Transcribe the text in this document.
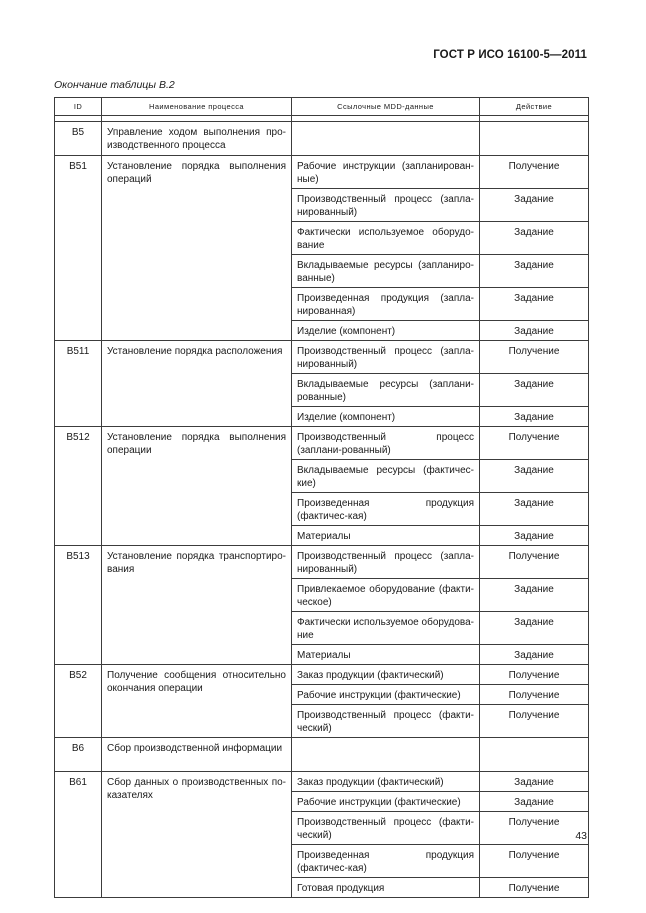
ГОСТ Р ИСО 16100-5—2011
Окончание таблицы В.2
ID	Наименование процесса	Ссылочные MDD-данные	Действие

B5	Управление ходом выполнения про-изводственного процесса		
B51	Установление порядка выполнения операций	Рабочие инструкции (запланирован-ные)	Получение
		Производственный процесс (запла-нированный)	Задание
		Фактически используемое оборудо-вание	Задание
		Вкладываемые ресурсы (запланиро-ванные)	Задание
		Произведенная продукция (запла-нированная)	Задание
		Изделие (компонент)	Задание
B511	Установление порядка расположения	Производственный процесс (запла-нированный)	Получение
		Вкладываемые ресурсы (заплани-рованные)	Задание
		Изделие (компонент)	Задание
B512	Установление порядка выполнения операции	Производственный процесс (заплани-рованный)	Получение
		Вкладываемые ресурсы (фактичес-кие)	Задание
		Произведенная продукция (фактичес-кая)	Задание
		Материалы	Задание
B513	Установление порядка транспортиро-вания	Производственный процесс (запла-нированный)	Получение
		Привлекаемое оборудование (факти-ческое)	Задание
		Фактически используемое оборудова-ние	Задание
		Материалы	Задание
B52	Получение сообщения относительно окончания операции	Заказ продукции (фактический)	Получение
		Рабочие инструкции (фактические)	Получение
		Производственный процесс (факти-ческий)	Получение
B6	Сбор производственной информации		
B61	Сбор данных о производственных по-казателях	Заказ продукции (фактический)	Задание
		Рабочие инструкции (фактические)	Задание
		Производственный процесс (факти-ческий)	Получение
		Произведенная продукция (фактичес-кая)	Получение
		Готовая продукция	Получение
43
